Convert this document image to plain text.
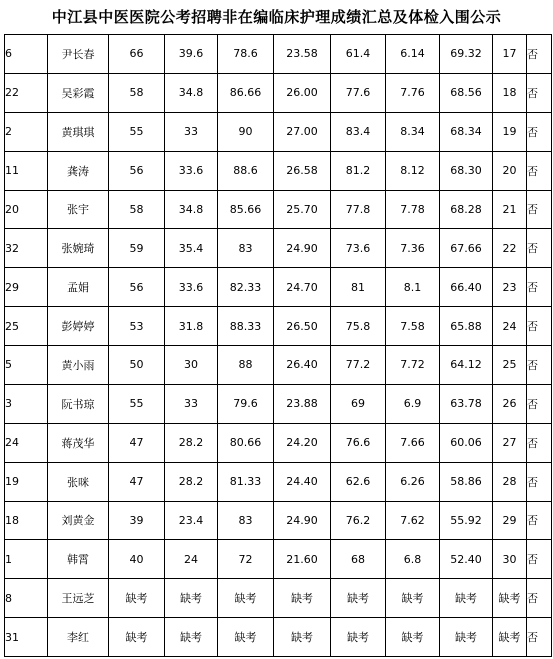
中江县中医医院公考招聘非在编临床护理成绩汇总及体检入围公示
6	尹长春	66	39.6	78.6	23.58	61.4	6.14	69.32	17	否
22	吴彩霞	58	34.8	86.66	26.00	77.6	7.76	68.56	18	否
2	黄琪琪	55	33	90	27.00	83.4	8.34	68.34	19	否
11	龚涛	56	33.6	88.6	26.58	81.2	8.12	68.30	20	否
20	张宇	58	34.8	85.66	25.70	77.8	7.78	68.28	21	否
32	张婉琦	59	35.4	83	24.90	73.6	7.36	67.66	22	否
29	孟娟	56	33.6	82.33	24.70	81	8.1	66.40	23	否
25	彭婷婷	53	31.8	88.33	26.50	75.8	7.58	65.88	24	否
5	黄小雨	50	30	88	26.40	77.2	7.72	64.12	25	否
3	阮书琼	55	33	79.6	23.88	69	6.9	63.78	26	否
24	蒋茂华	47	28.2	80.66	24.20	76.6	7.66	60.06	27	否
19	张咪	47	28.2	81.33	24.40	62.6	6.26	58.86	28	否
18	刘黄金	39	23.4	83	24.90	76.2	7.62	55.92	29	否
1	韩霄	40	24	72	21.60	68	6.8	52.40	30	否
8	王远芝	缺考	缺考	缺考	缺考	缺考	缺考	缺考	缺考	否
31	李红	缺考	缺考	缺考	缺考	缺考	缺考	缺考	缺考	否
